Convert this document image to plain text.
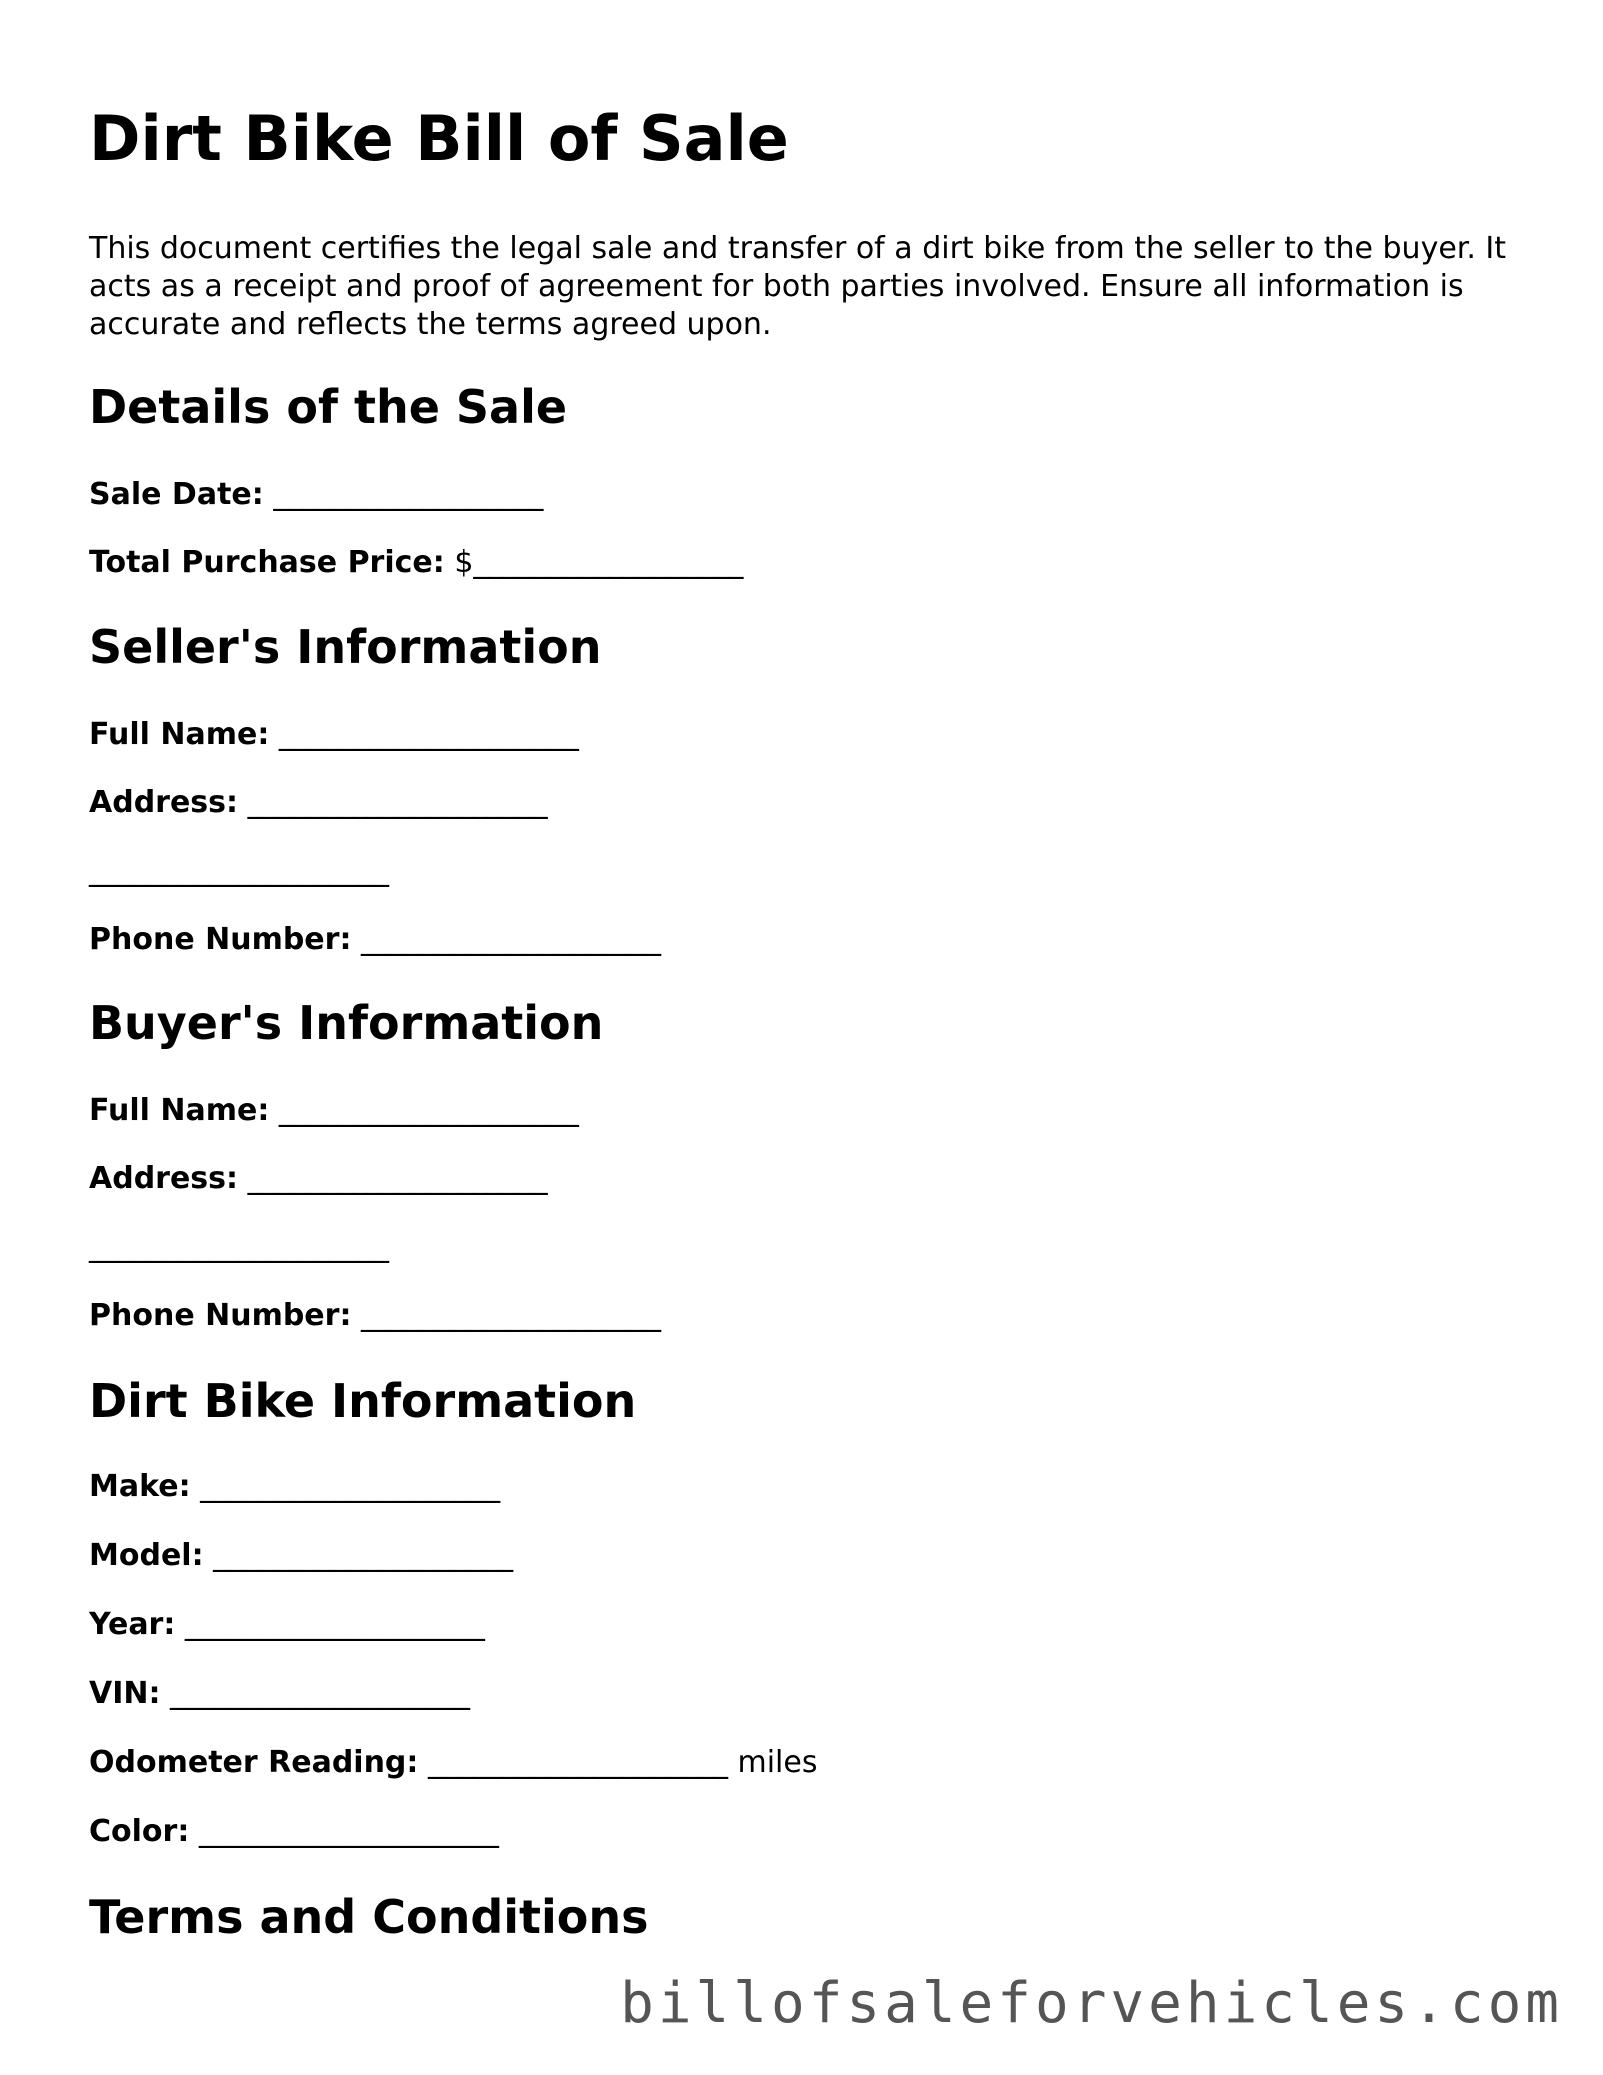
Dirt Bike Bill of Sale

This document certifies the legal sale and transfer of a dirt bike from the seller to the buyer. It acts as a receipt and proof of agreement for both parties involved. Ensure all information is accurate and reflects the terms agreed upon.

Details of the Sale
Sale Date: __________________
Total Purchase Price: $__________________
Seller's Information
Full Name: ____________________
Address: ____________________
____________________
Phone Number: ____________________
Buyer's Information
Full Name: ____________________
Address: ____________________
____________________
Phone Number: ____________________
Dirt Bike Information
Make: ____________________
Model: ____________________
Year: ____________________
VIN: ____________________
Odometer Reading: ____________________ miles
Color: ____________________
Terms and Conditions
billofsaleforvehicles.com
